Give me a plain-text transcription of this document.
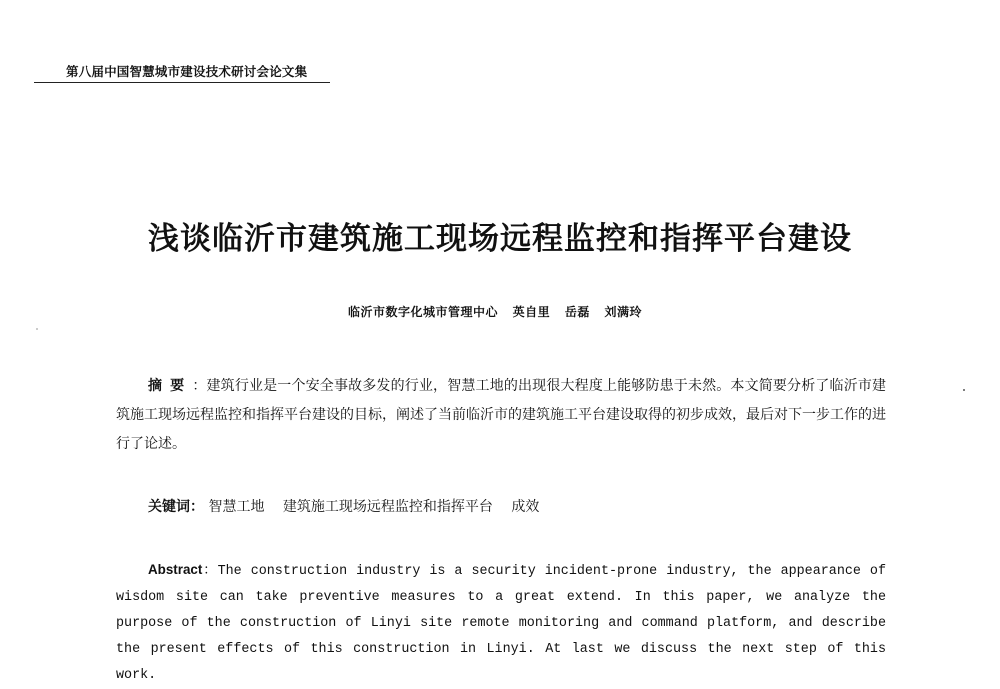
第八届中国智慧城市建设技术研讨会论文集
浅谈临沂市建筑施工现场远程监控和指挥平台建设
临沂市数字化城市管理中心 英自里 岳磊 刘满玲
摘要：建筑行业是一个安全事故多发的行业，智慧工地的出现很大程度上能够防患于未然。本文简要分析了临沂市建筑施工现场远程监控和指挥平台建设的目标，阐述了当前临沂市的建筑施工平台建设取得的初步成效，最后对下一步工作的进行了论述。
关键词： 智慧工地 建筑施工现场远程监控和指挥平台 成效
Abstract：The construction industry is a security incident-prone industry, the appearance of wisdom site can take preventive measures to a great extend. In this paper, we analyze the purpose of the construction of Linyi site remote monitoring and command platform, and describe the present effects of this construction in Linyi. At last we discuss the next step of this work.
